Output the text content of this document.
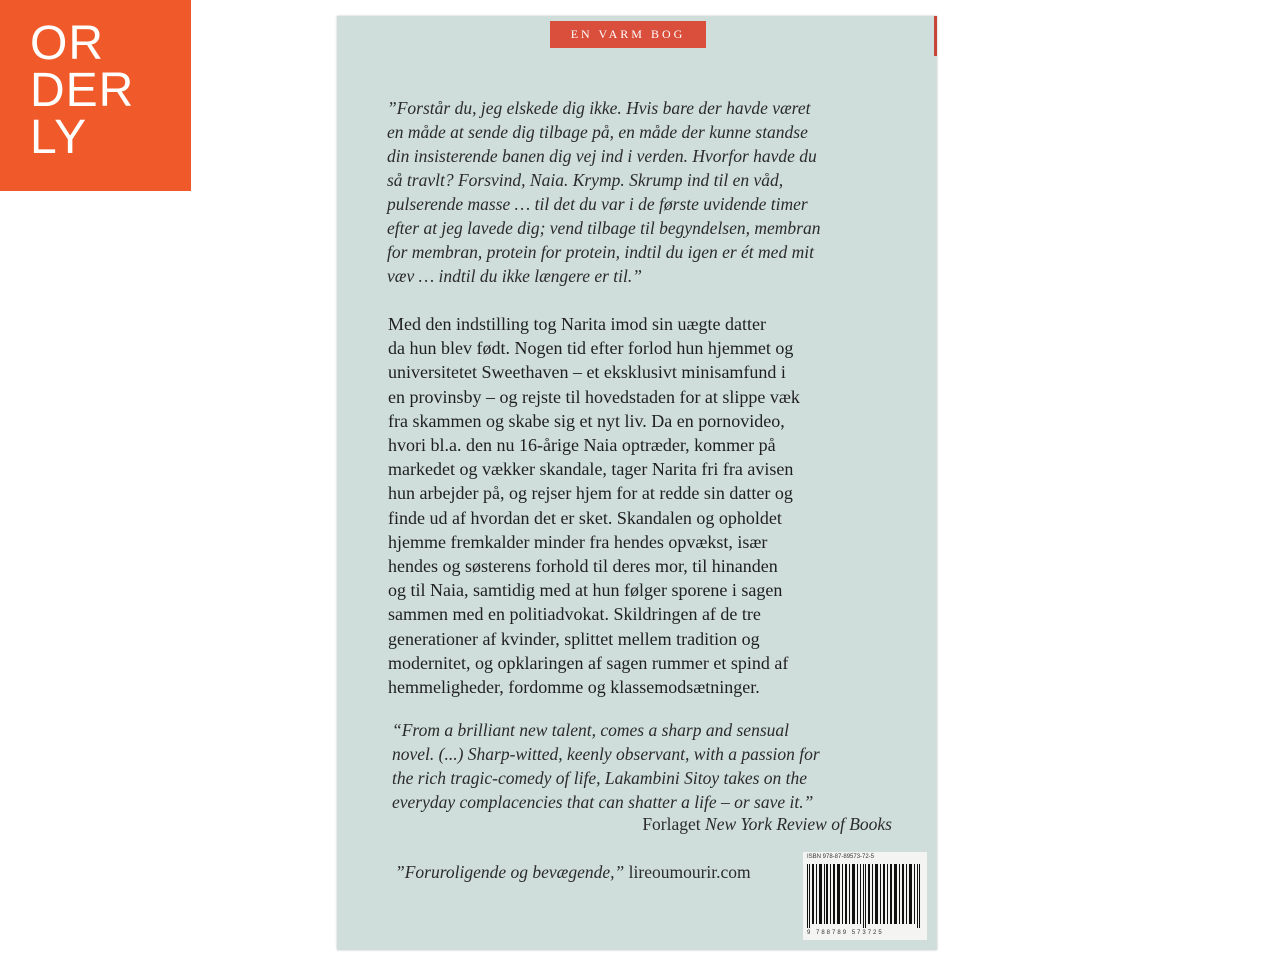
OR
DER
LY
EN VARM BOG
”Forstår du, jeg elskede dig ikke. Hvis bare der havde været
en måde at sende dig tilbage på, en måde der kunne standse
din insisterende banen dig vej ind i verden. Hvorfor havde du
så travlt? Forsvind, Naia. Krymp. Skrump ind til en våd,
pulserende masse … til det du var i de første uvidende timer
efter at jeg lavede dig; vend tilbage til begyndelsen, membran
for membran, protein for protein, indtil du igen er ét med mit
væv … indtil du ikke længere er til.”
Med den indstilling tog Narita imod sin uægte datter
da hun blev født. Nogen tid efter forlod hun hjemmet og
universitetet Sweethaven – et eksklusivt minisamfund i
en provinsby – og rejste til hovedstaden for at slippe væk
fra skammen og skabe sig et nyt liv. Da en pornovideo,
hvori bl.a. den nu 16-årige Naia optræder, kommer på
markedet og vækker skandale, tager Narita fri fra avisen
hun arbejder på, og rejser hjem for at redde sin datter og
finde ud af hvordan det er sket. Skandalen og opholdet
hjemme fremkalder minder fra hendes opvækst, især
hendes og søsterens forhold til deres mor, til hinanden
og til Naia, samtidig med at hun følger sporene i sagen
sammen med en politiadvokat. Skildringen af de tre
generationer af kvinder, splittet mellem tradition og
modernitet, og opklaringen af sagen rummer et spind af
hemmeligheder, fordomme og klassemodsætninger.
“From a brilliant new talent, comes a sharp and sensual
novel. (...) Sharp-witted, keenly observant, with a passion for
the rich tragic-comedy of life, Lakambini Sitoy takes on the
everyday complacencies that can shatter a life – or save it.”
Forlaget New York Review of Books
”Foruroligende og bevægende,” lireoumourir.com
ISBN 978-87-89573-72-5
9 788789 573725
